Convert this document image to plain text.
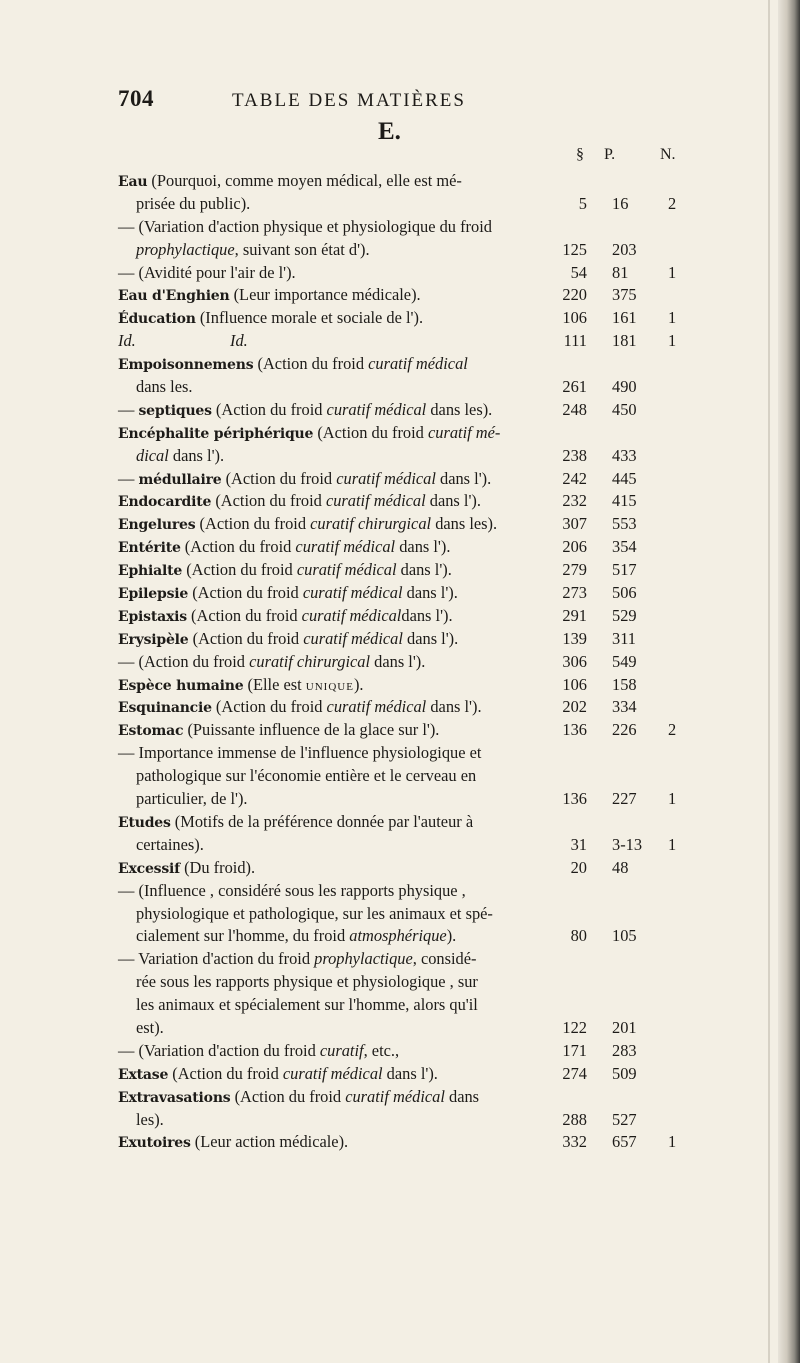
704	TABLE DES MATIÈRES
E.
§ P.	N.
Eau (Pourquoi, comme moyen médical, elle est mé-
prisée du public).	5 16 2
— (Variation d'action physique et physiologique du froid
prophylactique, suivant son état d').	125 203
— (Avidité pour l'air de l').	54 81 1
Eau d'Enghien (Leur importance médicale).	220 375
Éducation (Influence morale et sociale de l').	106 161 1
Id.	Id.	111 181 1
Empoisonnemens (Action du froid curatif médical
dans les.	261 490
— septiques (Action du froid curatif médical dans les).	248 450
Encéphalite périphérique (Action du froid curatif mé-
dical dans l').	238 433
— médullaire (Action du froid curatif médical dans l').	242 445
Endocardite (Action du froid curatif médical dans l').	232 415
Engelures (Action du froid curatif chirurgical dans les).	307 553
Entérite (Action du froid curatif médical dans l').	206 354
Ephialte (Action du froid curatif médical dans l').	279 517
Epilepsie (Action du froid curatif médical dans l').	273 506
Epistaxis (Action du froid curatif médicaldans l').	291 529
Erysipèle (Action du froid curatif médical dans l').	139 311
— (Action du froid curatif chirurgical dans l').	306 549
Espèce humaine (Elle est UNIQUE).	106 158
Esquinancie (Action du froid curatif médical dans l').	202 334
Estomac (Puissante influence de la glace sur l').	136 226 2
— Importance immense de l'influence physiologique et
pathologique sur l'économie entière et le cerveau en
particulier, de l').	136 227 1
Etudes (Motifs de la préférence donnée par l'auteur à
certaines).	31 3-13 1
Excessif (Du froid).	20 48
— (Influence , considéré sous les rapports physique ,
physiologique et pathologique, sur les animaux et spé-
cialement sur l'homme, du froid atmosphérique).	80 105
— Variation d'action du froid prophylactique, considé-
rée sous les rapports physique et physiologique , sur
les animaux et spécialement sur l'homme, alors qu'il
est).	122 201
— (Variation d'action du froid curatif, etc.,	171 283
Extase (Action du froid curatif médical dans l').	274 509
Extravasations (Action du froid curatif médical dans
les).	288 527
Exutoires (Leur action médicale).	332 657 1
